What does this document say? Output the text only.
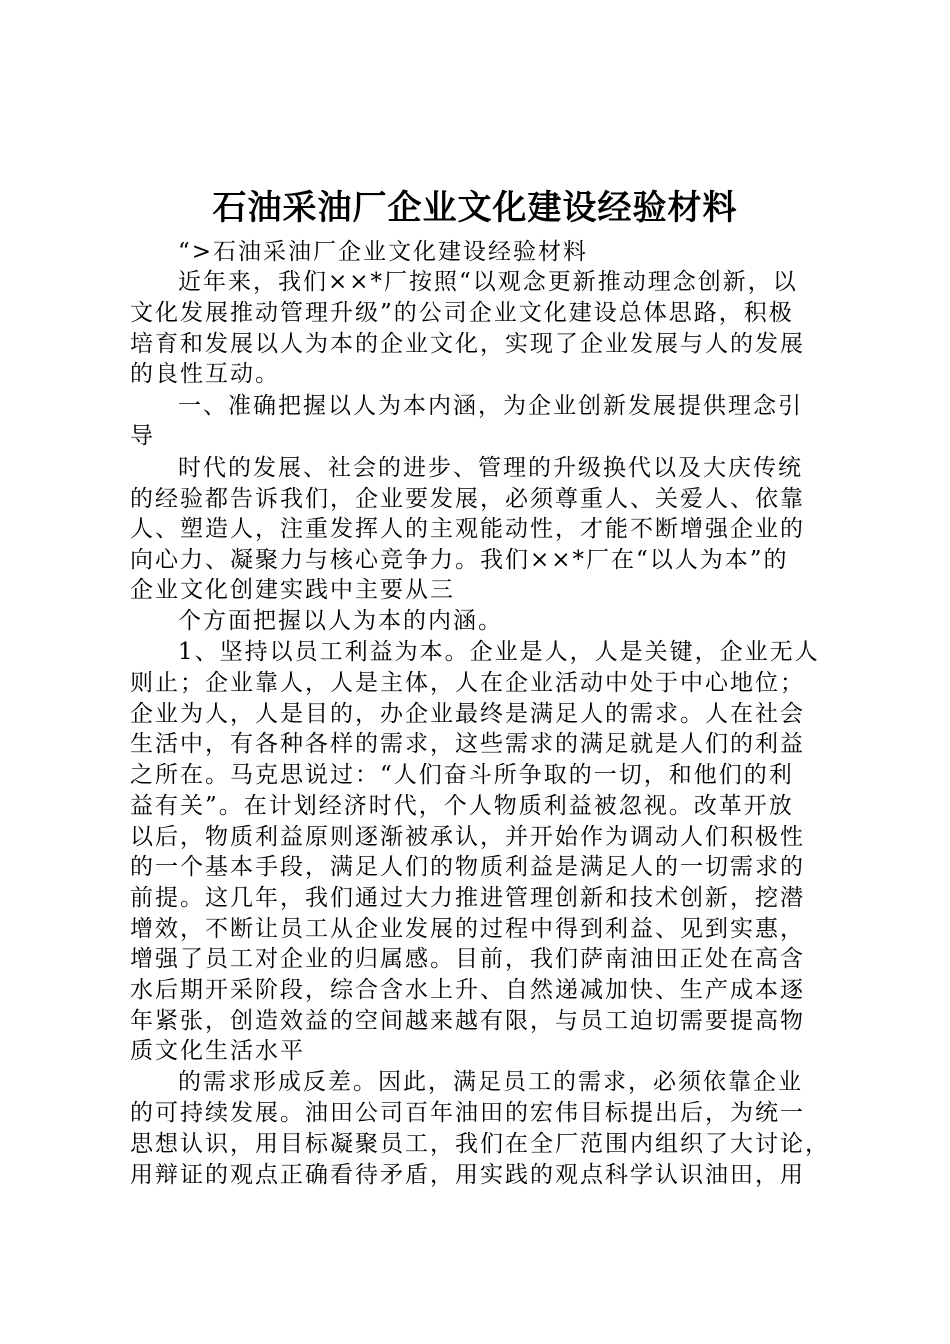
石油采油厂企业文化建设经验材料
“>石油采油厂企业文化建设经验材料
近年来，我们××*厂按照“以观念更新推动理念创新，以
文化发展推动管理升级”的公司企业文化建设总体思路，积极
培育和发展以人为本的企业文化，实现了企业发展与人的发展
的良性互动。
一、准确把握以人为本内涵，为企业创新发展提供理念引
导
时代的发展、社会的进步、管理的升级换代以及大庆传统
的经验都告诉我们，企业要发展，必须尊重人、关爱人、依靠
人、塑造人，注重发挥人的主观能动性，才能不断增强企业的
向心力、凝聚力与核心竞争力。我们××*厂在“以人为本”的
企业文化创建实践中主要从三
个方面把握以人为本的内涵。
1、坚持以员工利益为本。企业是人，人是关键，企业无人
则止；企业靠人，人是主体，人在企业活动中处于中心地位；
企业为人，人是目的，办企业最终是满足人的需求。人在社会
生活中，有各种各样的需求，这些需求的满足就是人们的利益
之所在。马克思说过：“人们奋斗所争取的一切，和他们的利
益有关”。在计划经济时代，个人物质利益被忽视。改革开放
以后，物质利益原则逐渐被承认，并开始作为调动人们积极性
的一个基本手段，满足人们的物质利益是满足人的一切需求的
前提。这几年，我们通过大力推进管理创新和技术创新，挖潜
增效，不断让员工从企业发展的过程中得到利益、见到实惠，
增强了员工对企业的归属感。目前，我们萨南油田正处在高含
水后期开采阶段，综合含水上升、自然递减加快、生产成本逐
年紧张，创造效益的空间越来越有限，与员工迫切需要提高物
质文化生活水平
的需求形成反差。因此，满足员工的需求，必须依靠企业
的可持续发展。油田公司百年油田的宏伟目标提出后，为统一
思想认识，用目标凝聚员工，我们在全厂范围内组织了大讨论，
用辩证的观点正确看待矛盾，用实践的观点科学认识油田，用
